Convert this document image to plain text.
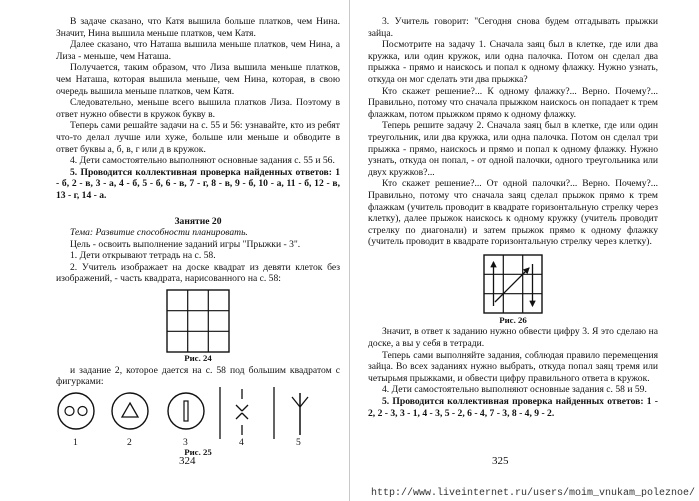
В задаче сказано, что Катя вышила больше платков, чем Нина. Значит, Нина вышила меньше платков, чем Катя.

Далее сказано, что Наташа вышила меньше платков, чем Нина, а Лиза - меньше, чем Наташа.

Получается, таким образом, что Лиза вышила меньше платков, чем Наташа, которая вышила меньше, чем Нина, которая, в свою очередь вышила меньше платков, чем Катя.

Следовательно, меньше всего вышила платков Лиза. Поэтому в ответ нужно обвести в кружок букву в.

Теперь сами решайте задачи на с. 55 и 56: узнавайте, кто из ребят что-то делал лучше или хуже, больше или меньше и обводите в ответ буквы а, б, в, г или д в кружок.

4. Дети самостоятельно выполняют основные задания с. 55 и 56.

5. Проводится коллективная проверка найденных ответов: 1 - б, 2 - в, 3 - а, 4 - б, 5 - б, 6 - в, 7 - г, 8 - в, 9 - б, 10 - а, 11 - б, 12 - в, 13 - г, 14 - а.

Занятие 20

Тема: Развитие способности планировать.

Цель - освоить выполнение заданий игры "Прыжки - 3".

1. Дети открывают тетрадь на с. 58.

2. Учитель изображает на доске квадрат из девяти клеток без изображений, - часть квадрата, нарисованного на с. 58:

Рис. 24

и задание 2, которое дается на с. 58 под большим квадратом с фигурками:

1	2	3	4	5

Рис. 25

324

3. Учитель говорит: "Сегодня снова будем отгадывать прыжки зайца.

Посмотрите на задачу 1. Сначала заяц был в клетке, где или два кружка, или один кружок, или одна палочка. Потом он сделал два прыжка - прямо и наискось и попал к одному флажку. Нужно узнать, откуда он мог сделать эти два прыжка?

Кто скажет решение?... К одному флажку?... Верно. Почему?... Правильно, потому что сначала прыжком наискось он попадает к трем флажкам, потом прыжком прямо к одному флажку.

Теперь решите задачу 2. Сначала заяц был в клетке, где или один треугольник, или два кружка, или одна палочка. Потом он сделал три прыжка - прямо, наискось и прямо и попал к одному флажку. Нужно узнать, откуда он попал, - от одной палочки, одного треугольника или двух кружков?...

Кто скажет решение?... От одной палочки?... Верно. Почему?... Правильно, потому что сначала заяц сделал прыжок прямо к трем флажкам (учитель проводит в квадрате горизонтальную стрелку через клетку), далее прыжок наискось к одному кружку (учитель проводит стрелку по диагонали) и затем прыжок прямо к одному флажку (учитель проводит в квадрате горизонтальную стрелку через клетку).

Рис. 26

Значит, в ответ к заданию нужно обвести цифру 3. Я это сделаю на доске, а вы у себя в тетради.

Теперь сами выполняйте задания, соблюдая правило перемещения зайца. Во всех заданиях нужно выбрать, откуда попал заяц тремя или четырьмя прыжками, и обвести цифру правильного ответа в кружок.

4. Дети самостоятельно выполняют основные задания с. 58 и 59.

5. Проводится коллективная проверка найденных ответов: 1 - 2, 2 - 3, 3 - 1, 4 - 3, 5 - 2, 6 - 4, 7 - 3, 8 - 4, 9 - 2.

325
http://www.liveinternet.ru/users/moim_vnukam_poleznoe/
